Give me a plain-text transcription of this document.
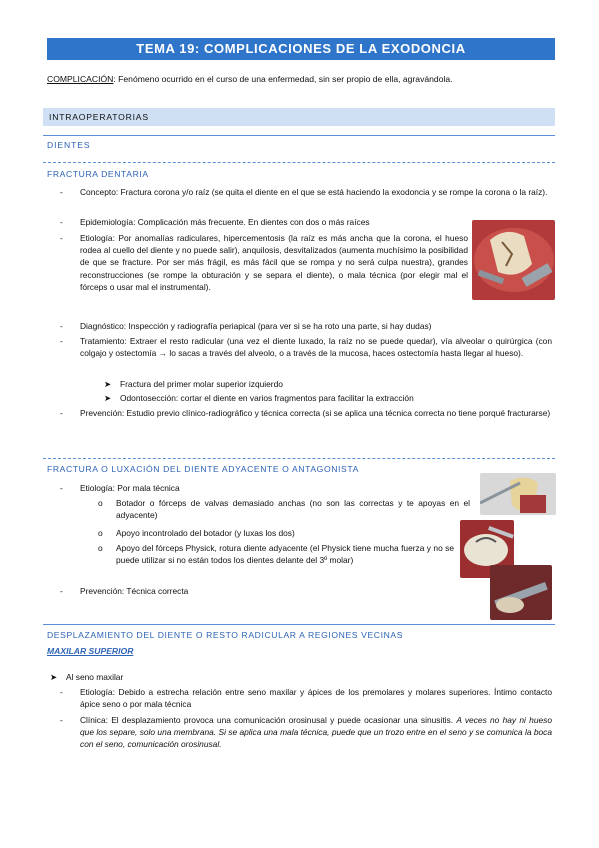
TEMA 19: COMPLICACIONES DE LA EXODONCIA
COMPLICACIÓN: Fenómeno ocurrido en el curso de una enfermedad, sin ser propio de ella, agravándola.
INTRAOPERATORIAS
DIENTES
FRACTURA DENTARIA
- Concepto: Fractura corona y/o raíz (se quita el diente en el que se está haciendo la exodoncia y se rompe la corona o la raíz).
- Epidemiología: Complicación más frecuente. En dientes con dos o más raíces
- Etiología: Por anomalías radiculares, hipercementosis (la raíz es más ancha que la corona, el hueso rodea al cuello del diente y no puede salir), anquilosis, desvitalizados (aumenta muchísimo la posibilidad de que se fracture. Por ser más frágil, es más fácil que se rompa y no será culpa nuestra), grandes reconstrucciones (se rompe la obturación y se separa el diente), o mala técnica (por elegir mal el fórceps o usar mal el instrumental).
- Diagnóstico: Inspección y radiografía periapical (para ver si se ha roto una parte, si hay dudas)
- Tratamiento: Extraer el resto radicular (una vez el diente luxado, la raíz no se puede quedar), vía alveolar o quirúrgica (con colgajo y ostectomía → lo sacas a través del alveolo, o a través de la mucosa, haces ostectomía hasta llegar al hueso).
➤ Fractura del primer molar superior izquierdo
➤ Odontosección: cortar el diente en varios fragmentos para facilitar la extracción
- Prevención: Estudio previo clínico-radiográfico y técnica correcta (si se aplica una técnica correcta no tiene porqué fracturarse)
FRACTURA O LUXACIÓN DEL DIENTE ADYACENTE O ANTAGONISTA
- Etiología: Por mala técnica
o Botador o fórceps de valvas demasiado anchas (no son las correctas y te apoyas en el adyacente)
o Apoyo incontrolado del botador (y luxas los dos)
o Apoyo del fórceps Physick, rotura diente adyacente (el Physick tiene mucha fuerza y no se puede utilizar si no están todos los dientes delante del 3º molar)
- Prevención: Técnica correcta
DESPLAZAMIENTO DEL DIENTE O RESTO RADICULAR A REGIONES VECINAS
MAXILAR SUPERIOR
➤ Al seno maxilar
- Etiología: Debido a estrecha relación entre seno maxilar y ápices de los premolares y molares superiores. Íntimo contacto ápice seno o por mala técnica
- Clínica: El desplazamiento provoca una comunicación orosinusal y puede ocasionar una sinusitis. A veces no hay ni hueso que los separe, solo una membrana. Si se aplica una mala técnica, puede que un trozo entre en el seno y se comunica la boca con el seno, comunicación orosinusal.
